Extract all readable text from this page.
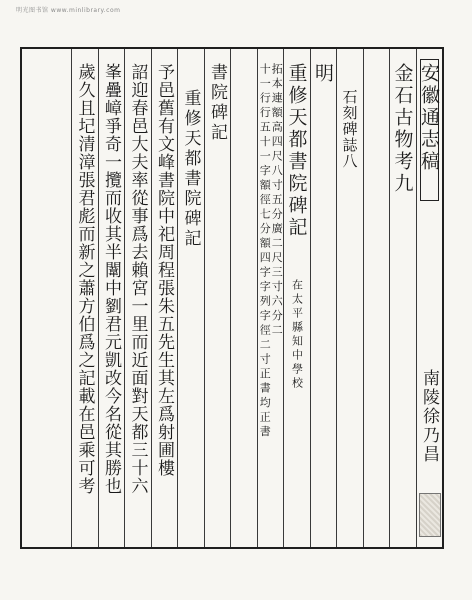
明光图书馆 www.minlibrary.com
安徽通志稿
南陵徐乃昌
金石古物考九
石刻碑誌八
明
重修天都書院碑記
在太平縣知中學校
拓本連額高四尺八寸五分廣二尺三寸六分二
十一行行五十一字額徑七分額四字字列字徑二寸正書均正書
書院碑記
重修天都書院碑記
予邑舊有文峰書院中祀周程張朱五先生其左爲射圃樓
詔迎春邑大夫率從事爲去賴宮一里而近面對天都三十六
峯疊嶂爭奇一攬而收其半闈中劉君元凱改今名從其勝也
歲久且圮清漳張君彪而新之蕭方伯爲之記載在邑乘可考
